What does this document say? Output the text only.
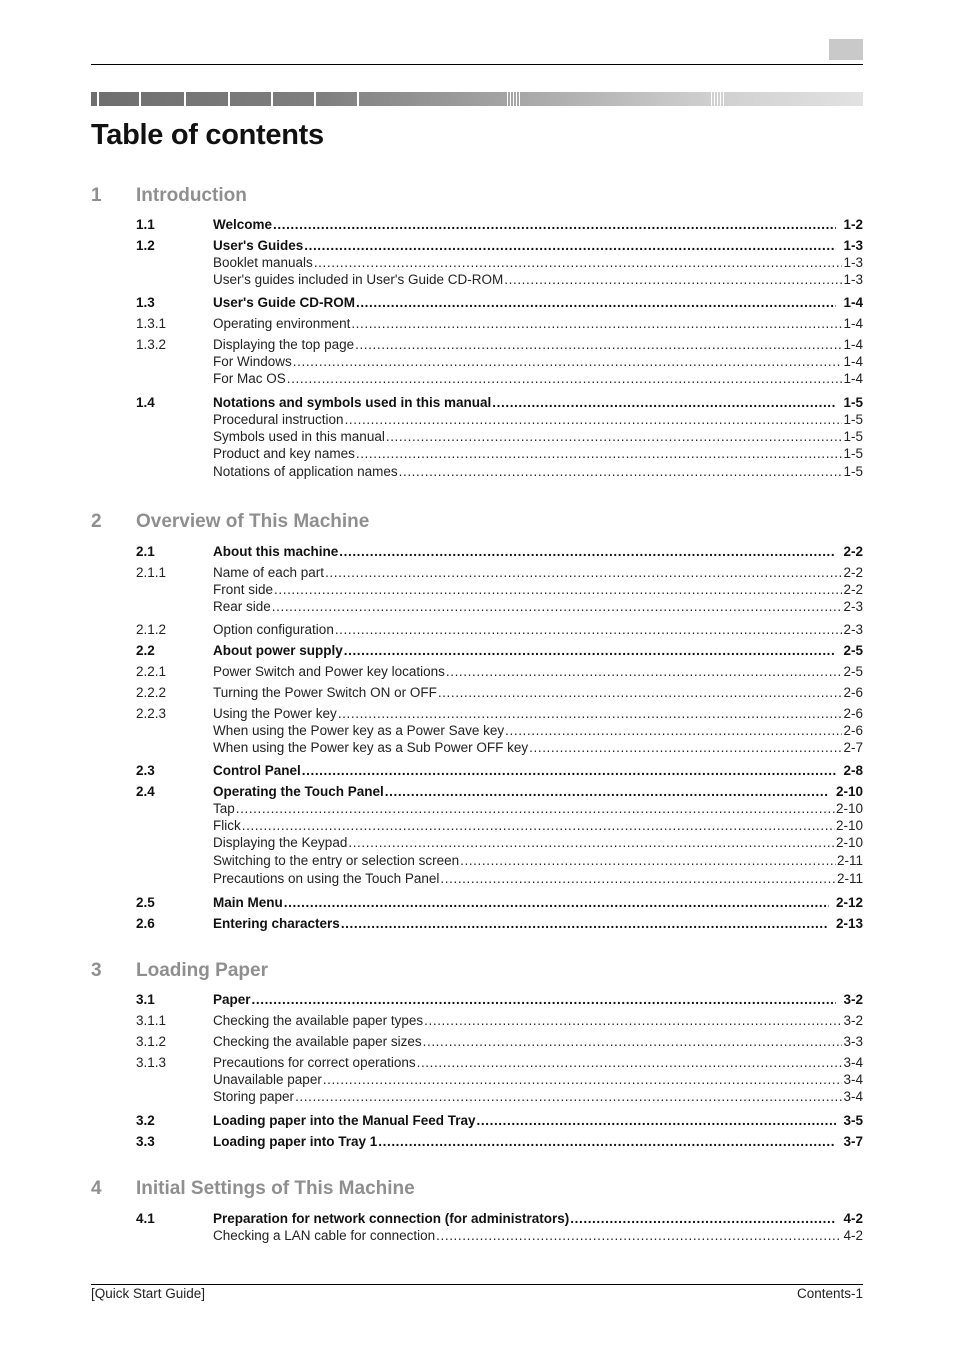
Table of contents
1 Introduction
2 Overview of This Machine
3 Loading Paper
4 Initial Settings of This Machine
1.1	Welcome .....	1-2
1.2	User's Guides .....	1-3
Booklet manuals .....	1-3
User's guides included in User's Guide CD-ROM .....	1-3
1.3	User's Guide CD-ROM .....	1-4
1.3.1	Operating environment .....	1-4
1.3.2	Displaying the top page .....	1-4
For Windows .....	1-4
For Mac OS .....	1-4
1.4	Notations and symbols used in this manual .....	1-5
Procedural instruction .....	1-5
Symbols used in this manual .....	1-5
Product and key names .....	1-5
Notations of application names .....	1-5
2.1	About this machine .....	2-2
2.1.1	Name of each part .....	2-2
Front side .....	2-2
Rear side .....	2-3
2.1.2	Option configuration .....	2-3
2.2	About power supply .....	2-5
2.2.1	Power Switch and Power key locations .....	2-5
2.2.2	Turning the Power Switch ON or OFF .....	2-6
2.2.3	Using the Power key .....	2-6
When using the Power key as a Power Save key .....	2-6
When using the Power key as a Sub Power OFF key .....	2-7
2.3	Control Panel .....	2-8
2.4	Operating the Touch Panel .....	2-10
Tap .....	2-10
Flick .....	2-10
Displaying the Keypad .....	2-10
Switching to the entry or selection screen .....	2-11
Precautions on using the Touch Panel .....	2-11
2.5	Main Menu .....	2-12
2.6	Entering characters .....	2-13
3.1	Paper .....	3-2
3.1.1	Checking the available paper types .....	3-2
3.1.2	Checking the available paper sizes .....	3-3
3.1.3	Precautions for correct operations .....	3-4
Unavailable paper .....	3-4
Storing paper .....	3-4
3.2	Loading paper into the Manual Feed Tray .....	3-5
3.3	Loading paper into Tray 1 .....	3-7
4.1	Preparation for network connection (for administrators) .....	4-2
Checking a LAN cable for connection .....	4-2
[Quick Start Guide]	Contents-1
